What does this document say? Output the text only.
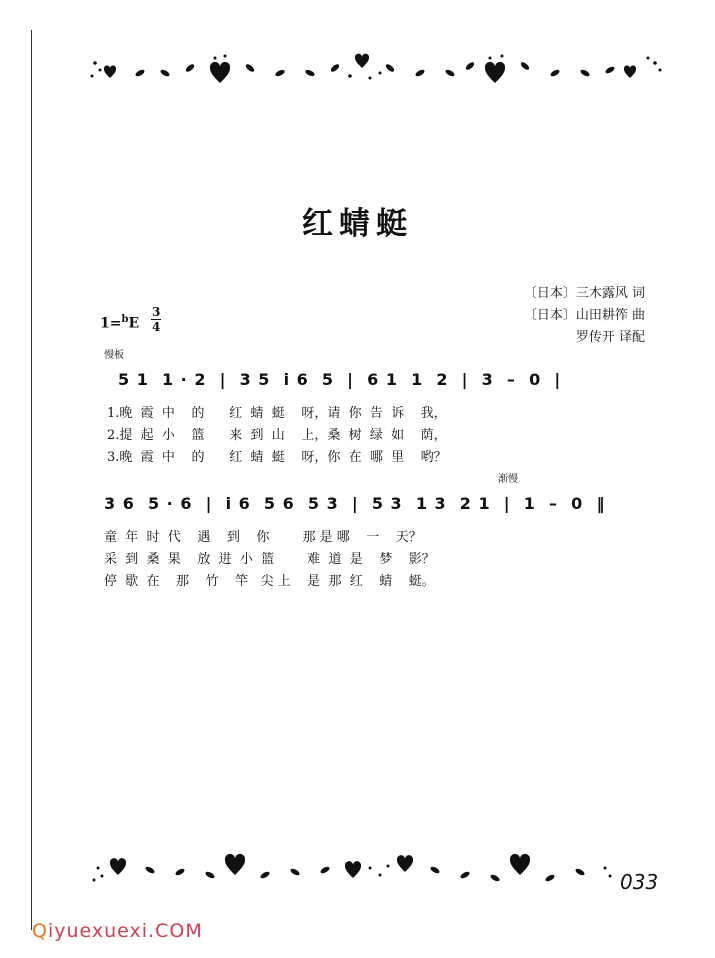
红蜻蜓
〔日本〕三木露风 词
〔日本〕山田耕筰 曲
罗传开 译配
1=$^b$E
3
4
慢板
5 1  1 · 2  |  3 5  i 6  5  |  6 1  1  2  |  3  –  0  |
1.晚  霞  中    的      红  蜻  蜓    呀，请  你  告  诉    我，
2.提  起  小    篮      来  到  山    上，桑  树  绿  如    荫，
3.晚  霞  中    的      红  蜻  蜓    呀，你  在  哪  里    哟？
渐慢
3 6  5 · 6  |  i 6  5 6  5 3  |  5 3  1 3  2 1  |  1  –  0  ‖
童  年  时  代    遇    到    你        那 是 哪    一    天？
采  到  桑  果    放  进  小  篮        难  道  是    梦    影？
停  歇  在    那    竹    竿   尖 上    是  那  红    蜻    蜓。
033
Qiyuexuexi.COM
